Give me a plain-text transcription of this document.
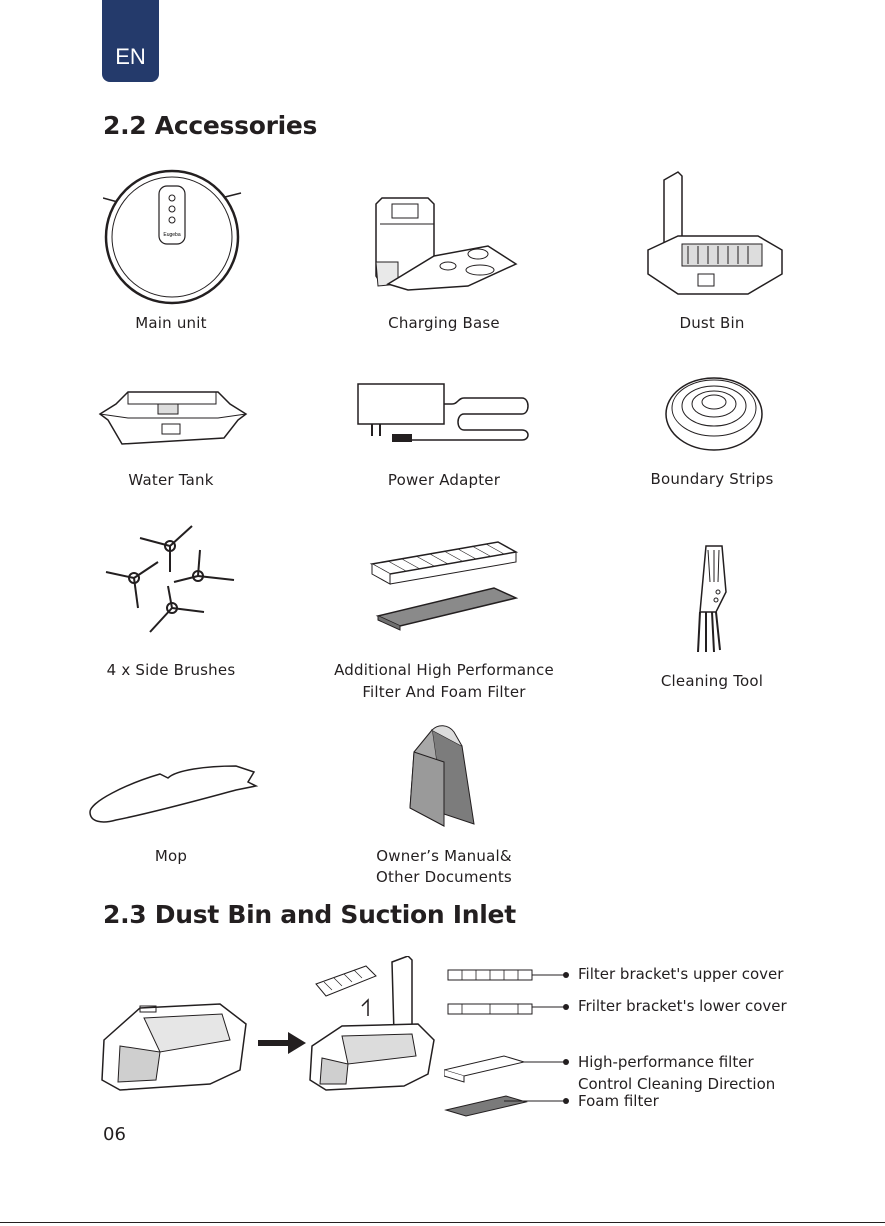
EN
2.2 Accessories
Eugeba
Main unit	Charging Base	Dust Bin
Water Tank	Power Adapter	Boundary Strips
4 x Side Brushes	Additional High Performance
Filter And Foam Filter
Cleaning Tool
Mop	Owner’s Manual&
Other Documents
2.3 Dust Bin and Suction Inlet
Filter bracket's upper cover
Frilter bracket's lower cover
High-performance filter
Control Cleaning Direction
Foam filter
06
